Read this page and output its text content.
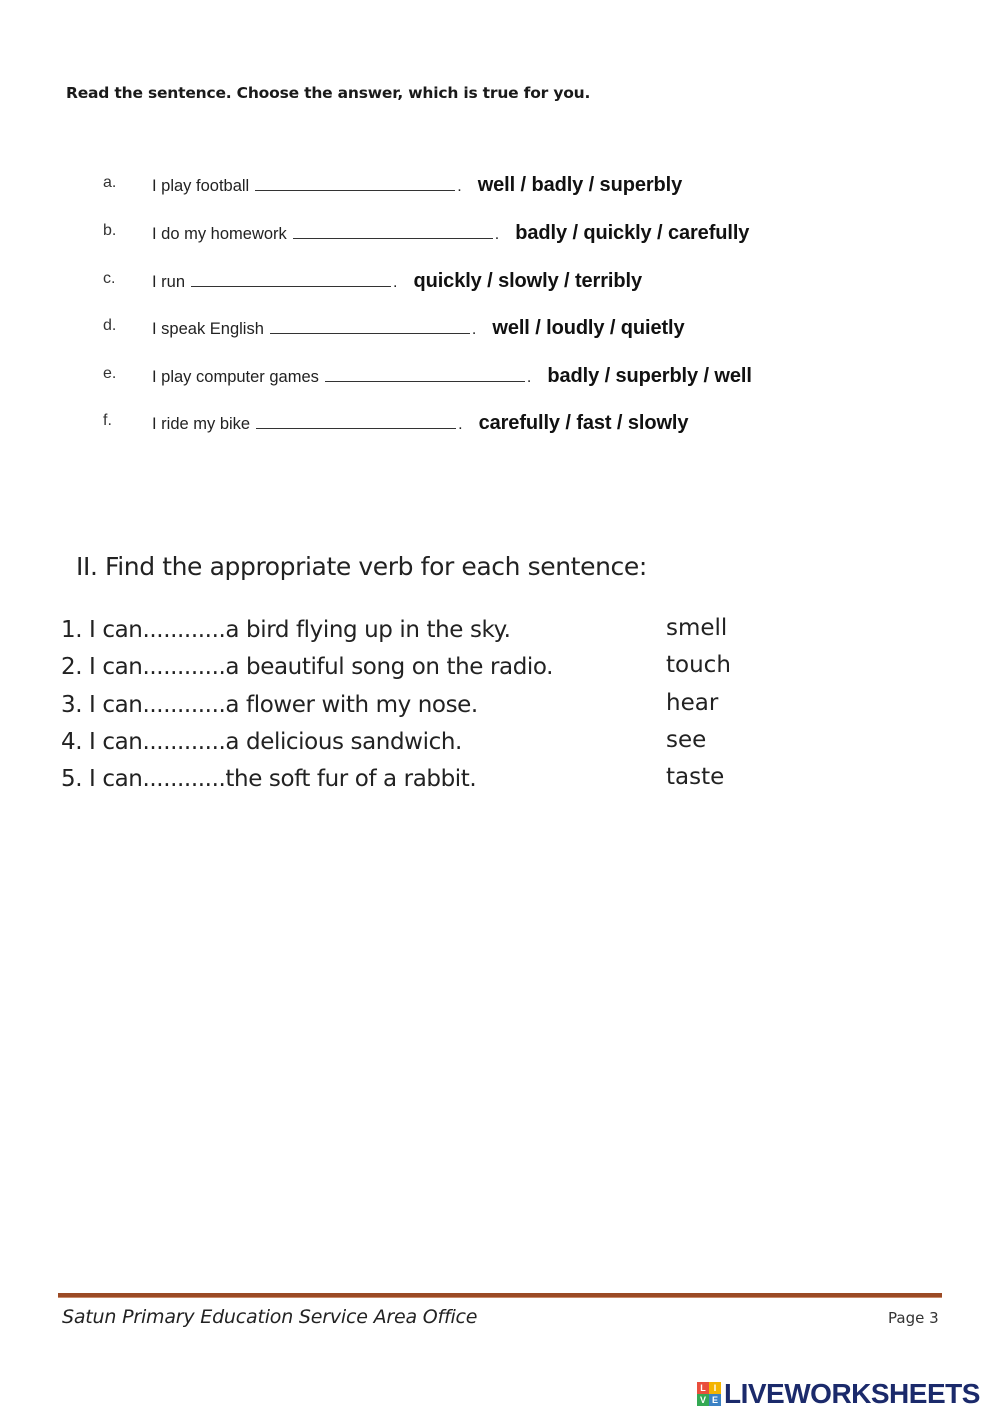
Read the sentence. Choose the answer, which is true for you.
a. I play football	. well / badly / superbly
b. I do my homework	. badly / quickly / carefully
c. I run	. quickly / slowly / terribly
d. I speak English	. well / loudly / quietly
e. I play computer games	. badly / superbly / well
f. I ride my bike	. carefully / fast / slowly
II. Find the appropriate verb for each sentence:
1. I can............a bird flying up in the sky.	smell
2. I can............a beautiful song on the radio.	touch
3. I can............a flower with my nose.	hear
4. I can............a delicious sandwich.	see
5. I can............the soft fur of a rabbit.	taste
Satun Primary Education Service Area Office	Page 3
L I
V E LIVEWORKSHEETS
